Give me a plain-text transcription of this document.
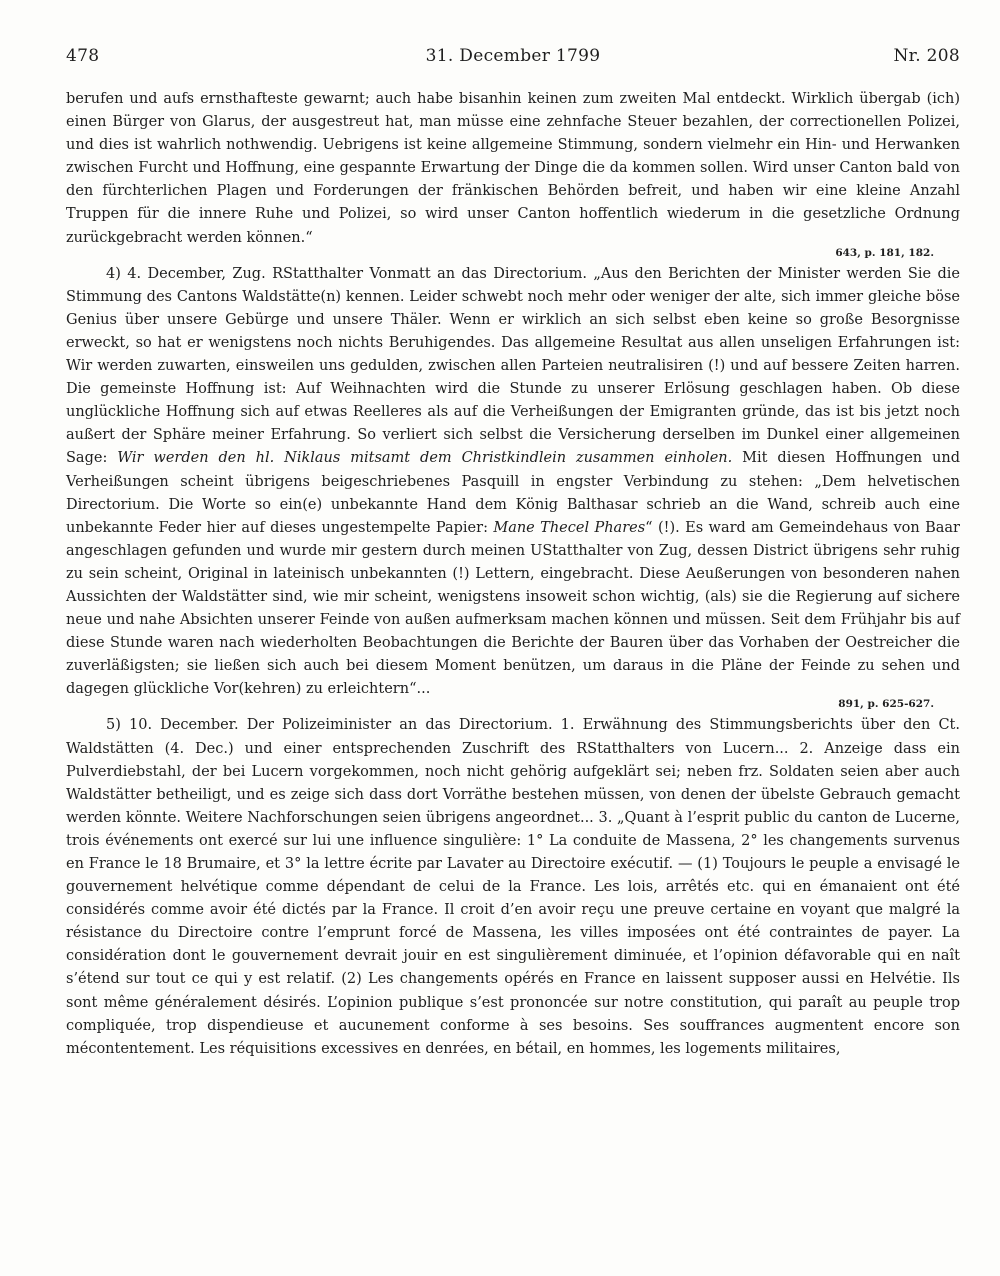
478	31. December 1799	Nr. 208

berufen und aufs ernsthafteste gewarnt; auch habe bisanhin keinen zum zweiten Mal entdeckt. Wirklich übergab (ich) einen Bürger von Glarus, der ausgestreut hat, man müsse eine zehnfache Steuer bezahlen, der correctionellen Polizei, und dies ist wahrlich nothwendig. Uebrigens ist keine allgemeine Stimmung, sondern vielmehr ein Hin- und Herwanken zwischen Furcht und Hoffnung, eine gespannte Erwartung der Dinge die da kommen sollen. Wird unser Canton bald von den fürchterlichen Plagen und Forderungen der fränkischen Behörden befreit, und haben wir eine kleine Anzahl Truppen für die innere Ruhe und Polizei, so wird unser Canton hoffentlich wiederum in die gesetzliche Ordnung zurückgebracht werden können.“

643, p. 181, 182.

4) 4. December, Zug. RStatthalter Vonmatt an das Directorium. „Aus den Berichten der Minister werden Sie die Stimmung des Cantons Waldstätte(n) kennen. Leider schwebt noch mehr oder weniger der alte, sich immer gleiche böse Genius über unsere Gebürge und unsere Thäler. Wenn er wirklich an sich selbst eben keine so große Besorgnisse erweckt, so hat er wenigstens noch nichts Beruhigendes. Das allgemeine Resultat aus allen unseligen Erfahrungen ist: Wir werden zuwarten, einsweilen uns gedulden, zwischen allen Parteien neutralisiren (!) und auf bessere Zeiten harren. Die gemeinste Hoffnung ist: Auf Weihnachten wird die Stunde zu unserer Erlösung geschlagen haben. Ob diese unglückliche Hoffnung sich auf etwas Reelleres als auf die Verheißungen der Emigranten gründe, das ist bis jetzt noch außert der Sphäre meiner Erfahrung. So verliert sich selbst die Versicherung derselben im Dunkel einer allgemeinen Sage: Wir werden den hl. Niklaus mitsamt dem Christkindlein zusammen einholen. Mit diesen Hoffnungen und Verheißungen scheint übrigens beigeschriebenes Pasquill in engster Verbindung zu stehen: „Dem helvetischen Directorium. Die Worte so ein(e) unbekannte Hand dem König Balthasar schrieb an die Wand, schreib auch eine unbekannte Feder hier auf dieses ungestempelte Papier: Mane Thecel Phares“ (!). Es ward am Gemeindehaus von Baar angeschlagen gefunden und wurde mir gestern durch meinen UStatthalter von Zug, dessen District übrigens sehr ruhig zu sein scheint, Original in lateinisch unbekannten (!) Lettern, eingebracht. Diese Aeußerungen von besonderen nahen Aussichten der Waldstätter sind, wie mir scheint, wenigstens insoweit schon wichtig, (als) sie die Regierung auf sichere neue und nahe Absichten unserer Feinde von außen aufmerksam machen können und müssen. Seit dem Frühjahr bis auf diese Stunde waren nach wiederholten Beobachtungen die Berichte der Bauren über das Vorhaben der Oestreicher die zuverläßigsten; sie ließen sich auch bei diesem Moment benützen, um daraus in die Pläne der Feinde zu sehen und dagegen glückliche Vor(kehren) zu erleichtern“...

891, p. 625-627.

5) 10. December. Der Polizeiminister an das Directorium. 1. Erwähnung des Stimmungsberichts über den Ct. Waldstätten (4. Dec.) und einer entsprechenden Zuschrift des RStatthalters von Lucern... 2. Anzeige dass ein Pulverdiebstahl, der bei Lucern vorgekommen, noch nicht gehörig aufgeklärt sei; neben frz. Soldaten seien aber auch Waldstätter betheiligt, und es zeige sich dass dort Vorräthe bestehen müssen, von denen der übelste Gebrauch gemacht werden könnte. Weitere Nachforschungen seien übrigens angeordnet... 3. „Quant à l’esprit public du canton de Lucerne, trois événements ont exercé sur lui une influence singulière: 1° La conduite de Massena, 2° les changements survenus en France le 18 Brumaire, et 3° la lettre écrite par Lavater au Directoire exécutif. — (1) Toujours le peuple a envisagé le gouvernement helvétique comme dépendant de celui de la France. Les lois, arrêtés etc. qui en émanaient ont été considérés comme avoir été dictés par la France. Il croit d’en avoir reçu une preuve certaine en voyant que malgré la résistance du Directoire contre l’emprunt forcé de Massena, les villes imposées ont été contraintes de payer. La considération dont le gouvernement devrait jouir en est singulièrement diminuée, et l’opinion défavorable qui en naît s’étend sur tout ce qui y est relatif. (2) Les changements opérés en France en laissent supposer aussi en Helvétie. Ils sont même généralement désirés. L’opinion publique s’est prononcée sur notre constitution, qui paraît au peuple trop compliquée, trop dispendieuse et aucunement conforme à ses besoins. Ses souffrances augmentent encore son mécontentement. Les réquisitions excessives en denrées, en bétail, en hommes, les logements militaires,
